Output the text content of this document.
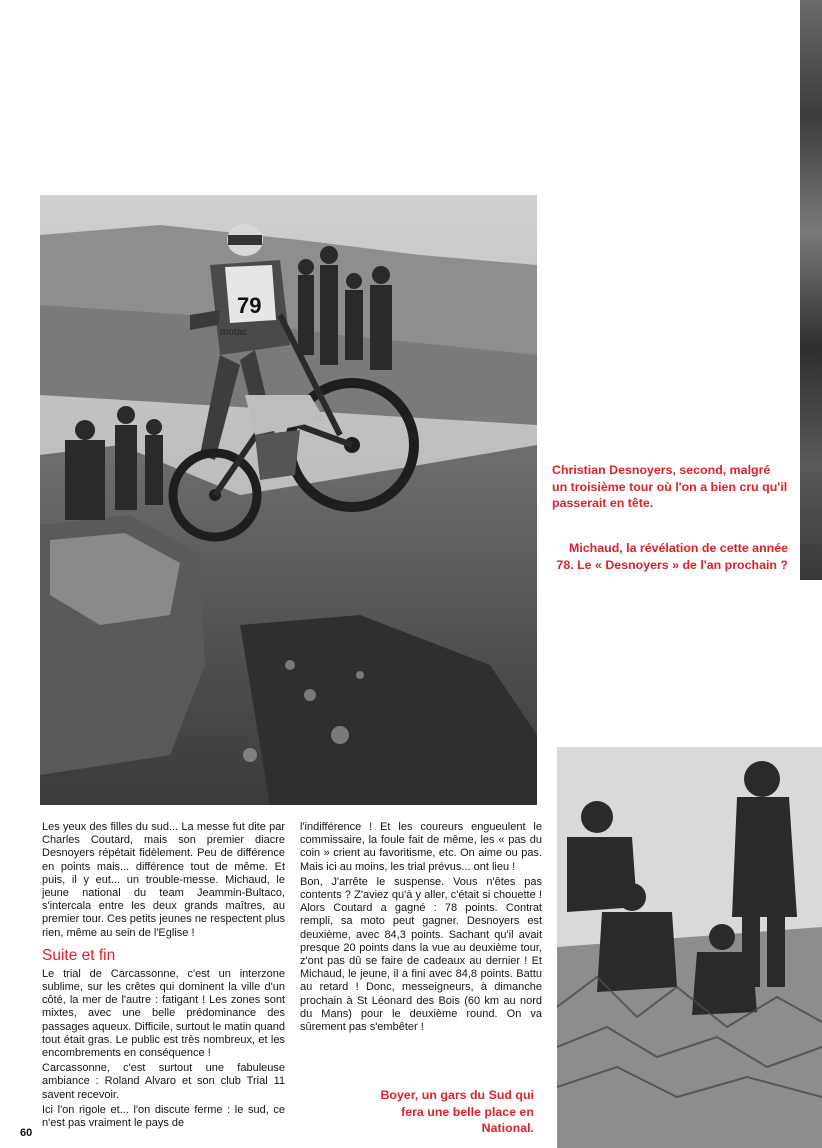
79
motac

Christian Desnoyers, second, malgré un troisième tour où l'on a bien cru qu'il passerait en tête.

Michaud, la révélation de cette année 78. Le « Desnoyers » de l'an prochain ?

Les yeux des filles du sud... La messe fut dite par Charles Coutard, mais son premier diacre Desnoyers répétait fidèlement. Peu de différence en points mais... différence tout de même. Et puis, il y eut... un trouble-messe. Michaud, le jeune national du team Jeammin-Bultaco, s'intercala entre les deux grands maîtres, au premier tour. Ces petits jeunes ne respectent plus rien, même au sein de l'Eglise !

Suite et fin

Le trial de Carcassonne, c'est un interzone sublime, sur les crêtes qui dominent la ville d'un côté, la mer de l'autre : fatigant ! Les zones sont mixtes, avec une belle prédominance des passages aqueux. Difficile, surtout le matin quand tout était gras. Le public est très nombreux, et les encombrements en conséquence !

Carcassonne, c'est surtout une fabuleuse ambiance : Roland Alvaro et son club Trial 11 savent recevoir.

Ici l'on rigole et... l'on discute ferme : le sud, ce n'est pas vraiment le pays de

l'indifférence ! Et les coureurs engueulent le commissaire, la foule fait de même, les « pas du coin » crient au favoritisme, etc. On aime ou pas. Mais ici au moins, les trial prévus... ont lieu !

Bon, J'arrête le suspense. Vous n'êtes pas contents ? Z'aviez qu'à y aller, c'était si chouette ! Alors Coutard a gagné : 78 points. Contrat rempli, sa moto peut gagner. Desnoyers est deuxième, avec 84,3 points. Sachant qu'il avait presque 20 points dans la vue au deuxième tour, z'ont pas dû se faire de cadeaux au dernier ! Et Michaud, le jeune, il a fini avec 84,8 points. Battu au retard ! Donc, messeigneurs, à dimanche prochain à St Léonard des Bois (60 km au nord du Mans) pour le deuxième round. On va sûrement pas s'embêter !

Boyer, un gars du Sud qui fera une belle place en National.

60
